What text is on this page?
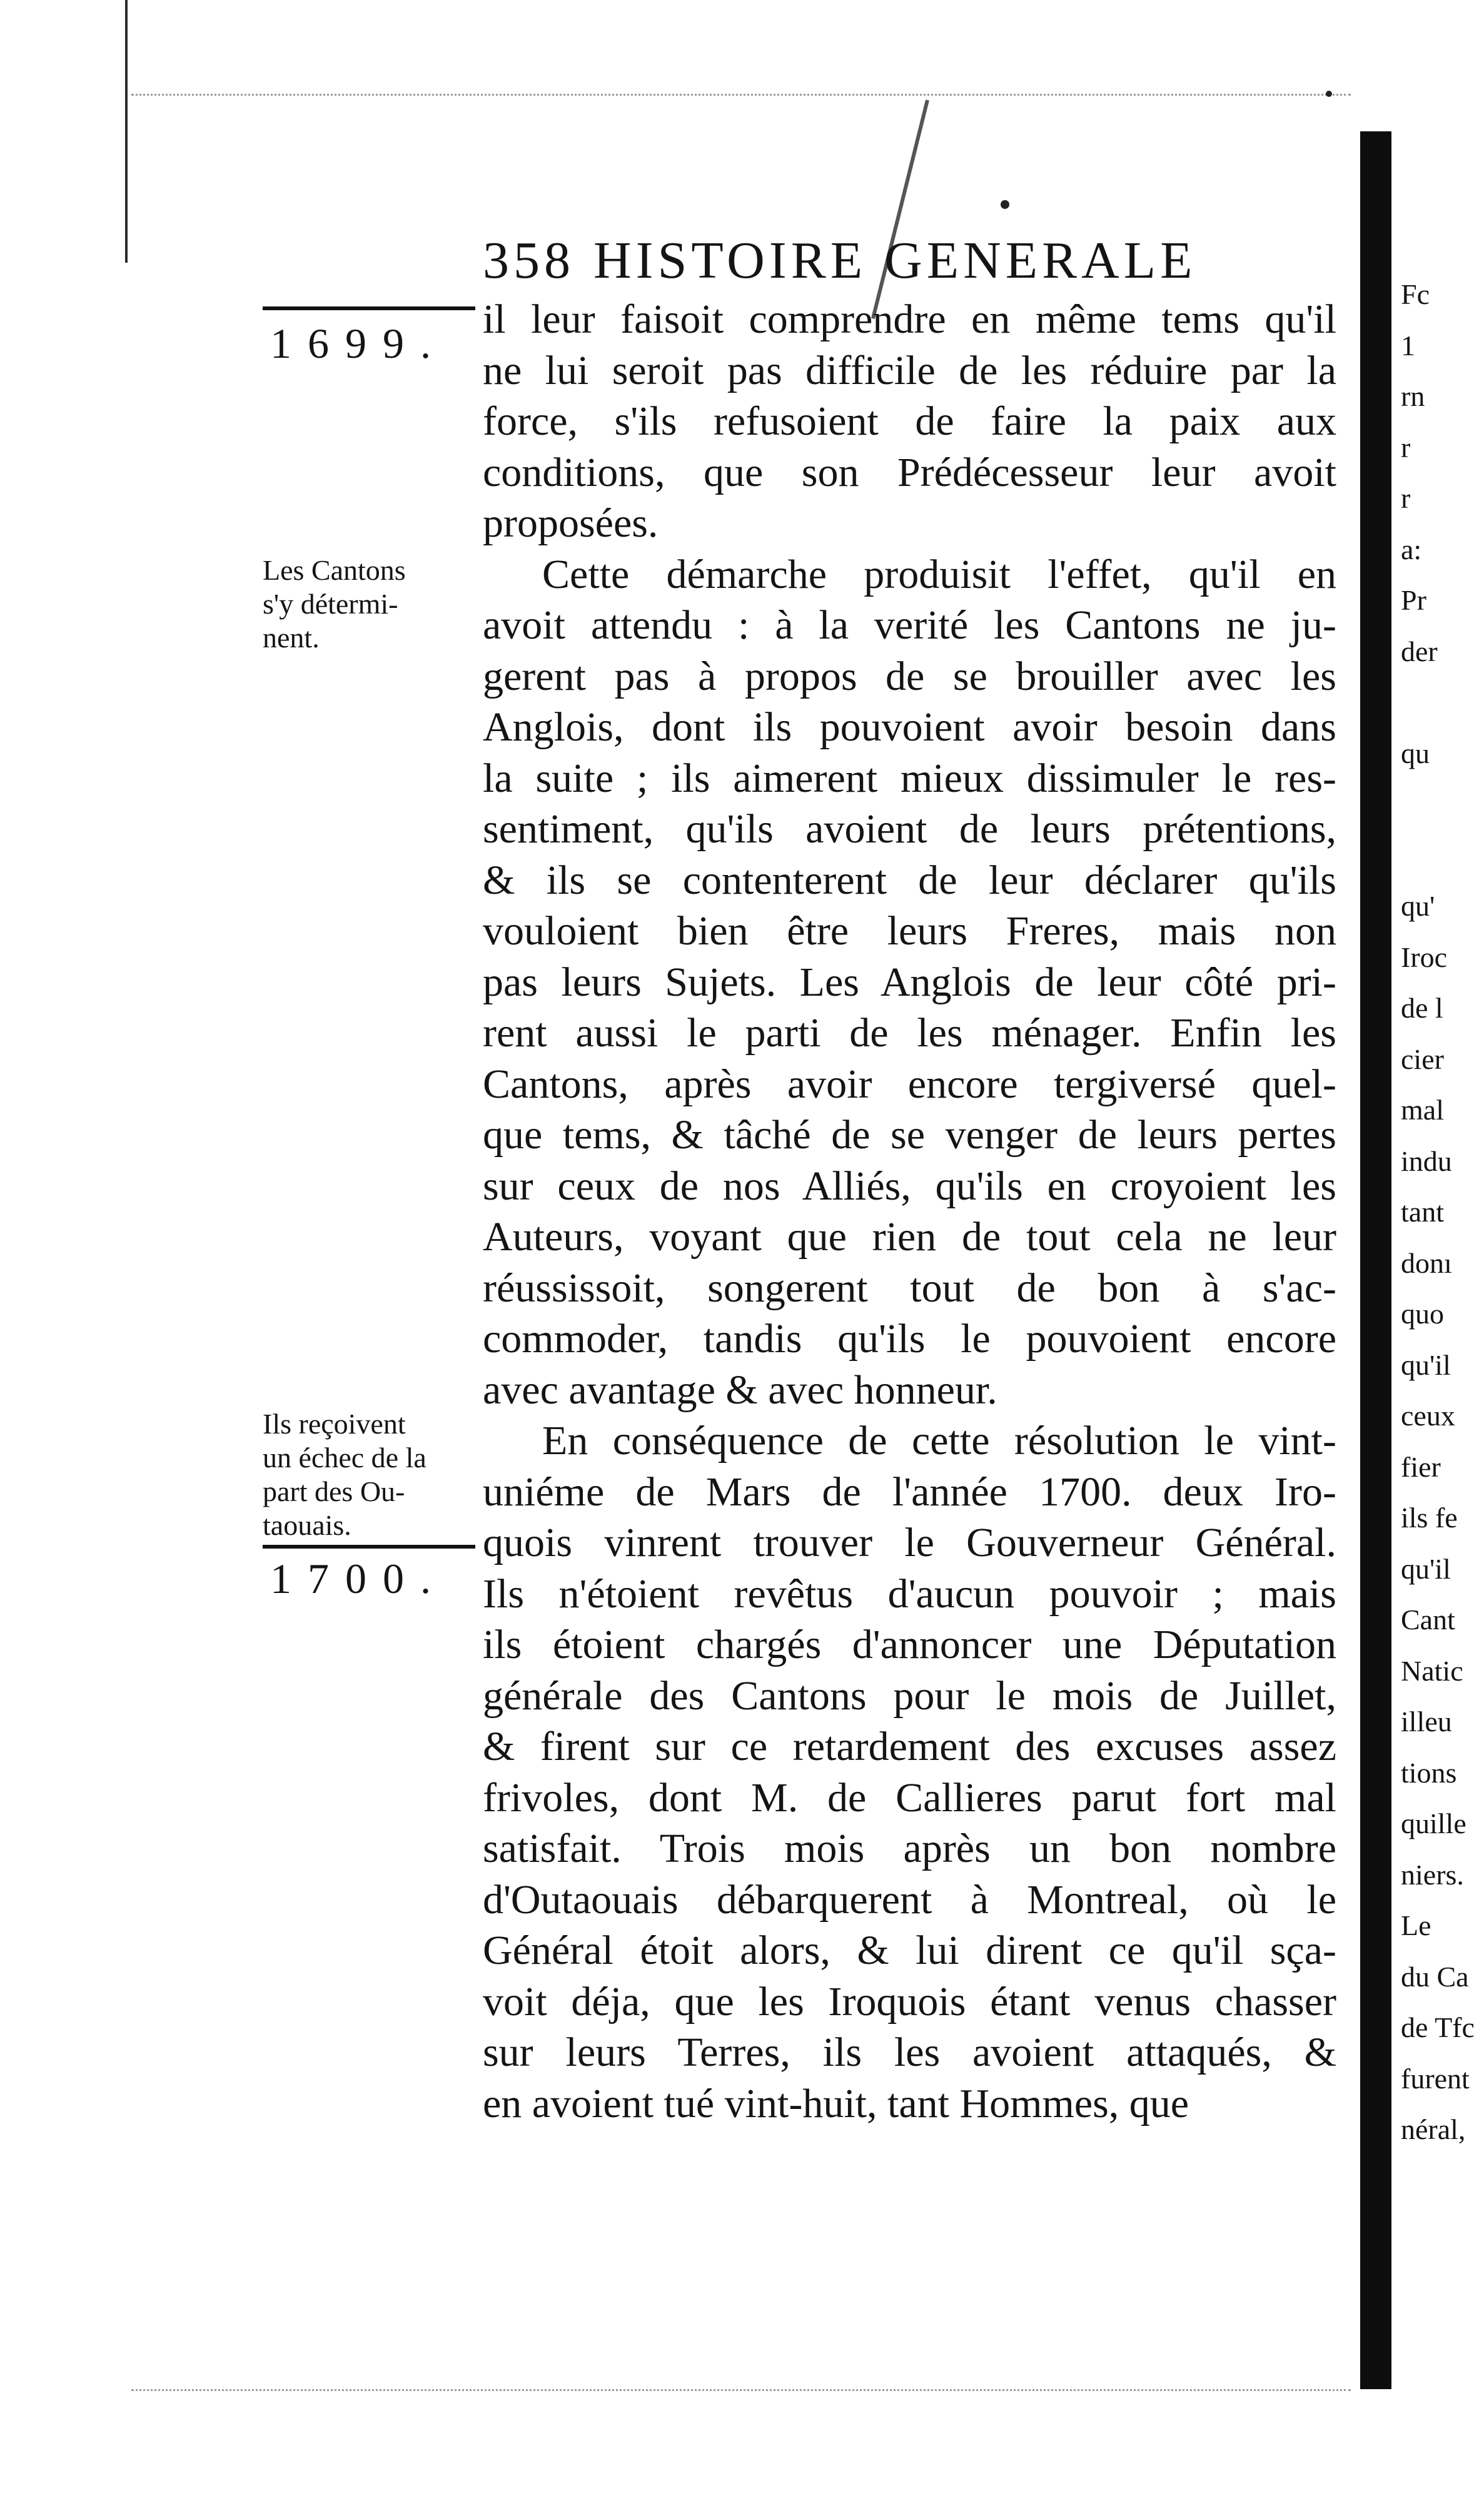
358 HISTOIRE GENERALE
1699.
Les Cantons
s'y détermi-
nent.
Ils reçoivent
un échec de la
part des Ou-
taouais.
1700.
il leur faisoit comprendre en même tems qu'il
ne lui seroit pas difficile de les réduire par la
force, s'ils refusoient de faire la paix aux
conditions, que son Prédécesseur leur avoit
proposées.
Cette démarche produisit l'effet, qu'il en
avoit attendu : à la verité les Cantons ne ju-
gerent pas à propos de se brouiller avec les
Anglois, dont ils pouvoient avoir besoin dans
la suite ; ils aimerent mieux dissimuler le res-
sentiment, qu'ils avoient de leurs prétentions,
& ils se contenterent de leur déclarer qu'ils
vouloient bien être leurs Freres, mais non
pas leurs Sujets. Les Anglois de leur côté pri-
rent aussi le parti de les ménager. Enfin les
Cantons, après avoir encore tergiversé quel-
que tems, & tâché de se venger de leurs pertes
sur ceux de nos Alliés, qu'ils en croyoient les
Auteurs, voyant que rien de tout cela ne leur
réussissoit, songerent tout de bon à s'ac-
commoder, tandis qu'ils le pouvoient encore
avec avantage & avec honneur.
En conséquence de cette résolution le vint-
uniéme de Mars de l'année 1700. deux Iro-
quois vinrent trouver le Gouverneur Général.
Ils n'étoient revêtus d'aucun pouvoir ; mais
ils étoient chargés d'annoncer une Députation
générale des Cantons pour le mois de Juillet,
& firent sur ce retardement des excuses assez
frivoles, dont M. de Callieres parut fort mal
satisfait. Trois mois après un bon nombre
d'Outaouais débarquerent à Montreal, où le
Général étoit alors, & lui dirent ce qu'il sça-
voit déja, que les Iroquois étant venus chasser
sur leurs Terres, ils les avoient attaqués, &
en avoient tué vint-huit, tant Hommes, que
Fc
1
rn
r
r
a:
Pr
der
qu
qu'
Iroc
de l
cier
mal
indu
tant
donı
quo
qu'il
ceux
fier
ils fe
qu'il
Cant
Natic
illeu
tions
quille
niers.
Le
du Ca
de Tfc
furent
néral,
